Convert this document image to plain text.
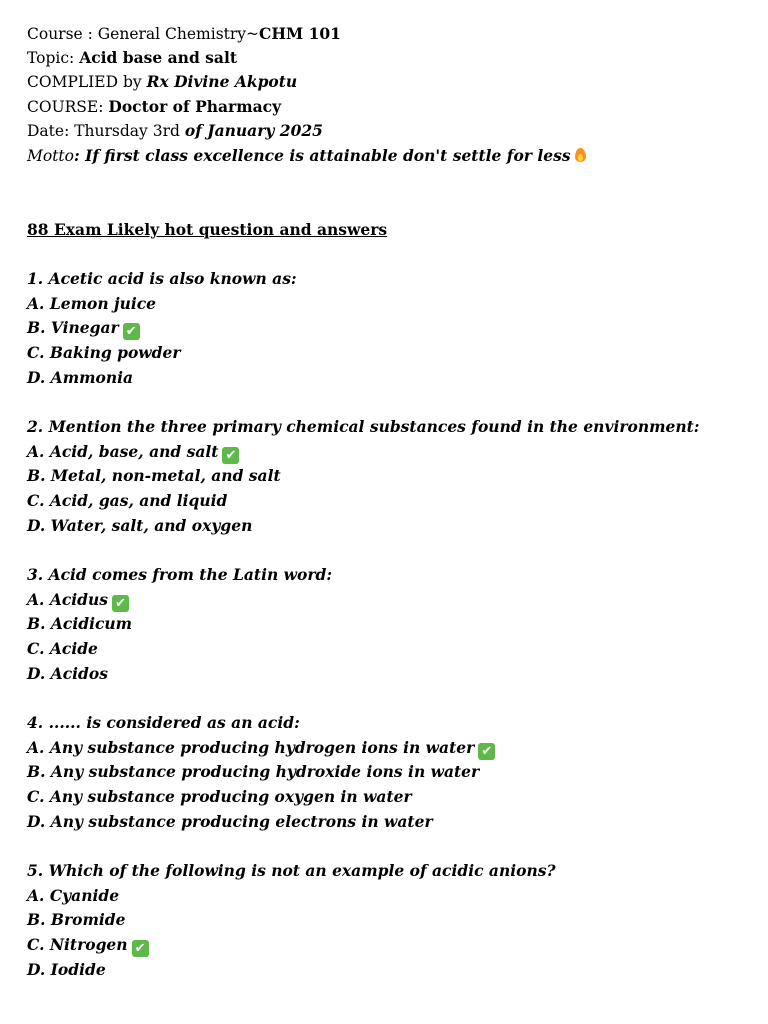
Course : General Chemistry~CHM 101
Topic: Acid base and salt
COMPLIED by Rx Divine Akpotu
COURSE: Doctor of Pharmacy
Date: Thursday 3rd of January 2025
Motto: If first class excellence is attainable don't settle for less
88 Exam Likely hot question and answers
1. Acetic acid is also known as:
A. Lemon juice
B. Vinegar ✔
C. Baking powder
D. Ammonia
2. Mention the three primary chemical substances found in the environment:
A. Acid, base, and salt ✔
B. Metal, non-metal, and salt
C. Acid, gas, and liquid
D. Water, salt, and oxygen
3. Acid comes from the Latin word:
A. Acidus ✔
B. Acidicum
C. Acide
D. Acidos
4. ...... is considered as an acid:
A. Any substance producing hydrogen ions in water ✔
B. Any substance producing hydroxide ions in water
C. Any substance producing oxygen in water
D. Any substance producing electrons in water
5. Which of the following is not an example of acidic anions?
A. Cyanide
B. Bromide
C. Nitrogen ✔
D. Iodide
